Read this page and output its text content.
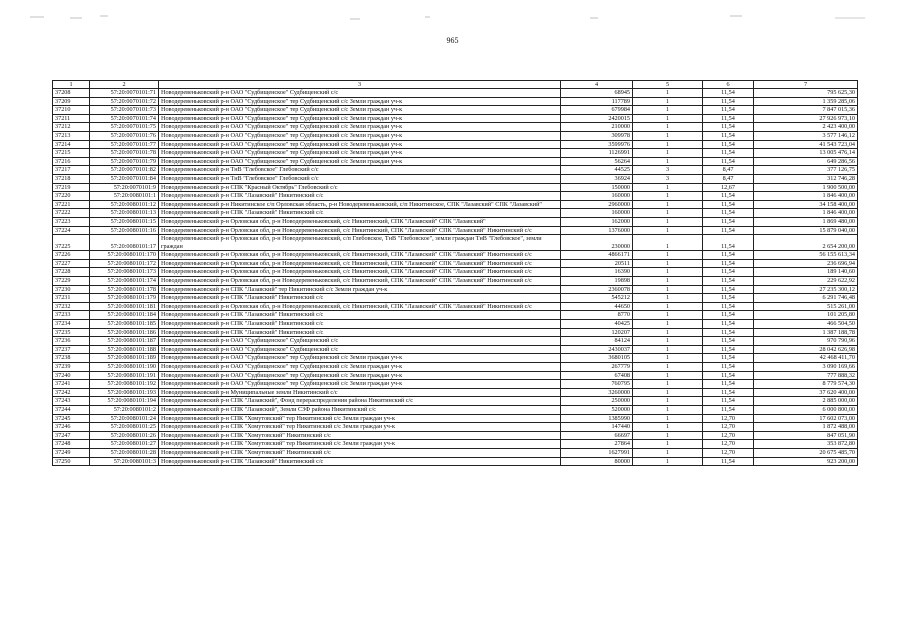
965
1	2	3	4	5	6	7
37208	57:20:0070101:71	Новодеревеньковский р-н ОАО "Судбищенское" Судбищенский с/с	68945	1	11,54	795 625,30
37209	57:20:0070101:72	Новодеревеньковский р-н ОАО "Судбищенское" тер Судбищенский с/с Земли граждан уч-к	117789	1	11,54	1 359 285,06
37210	57:20:0070101:73	Новодеревеньковский р-н ОАО "Судбищенское" тер Судбищенский с/с Земли граждан уч-к	679984	1	11,54	7 847 015,36
37211	57:20:0070101:74	Новодеревеньковский р-н ОАО "Судбищенское" тер Судбищенский с/с Земли граждан уч-к	2420015	1	11,54	27 926 973,10
37212	57:20:0070101:75	Новодеревеньковский р-н ОАО "Судбищенское" тер Судбищенский с/с Земли граждан уч-к	210000	1	11,54	2 423 400,00
37213	57:20:0070101:76	Новодеревеньковский р-н ОАО "Судбищенское" тер Судбищенский с/с Земли граждан уч-к	309978	1	11,54	3 577 146,12
37214	57:20:0070101:77	Новодеревеньковский р-н ОАО "Судбищенское" тер Судбищенский с/с Земли граждан уч-к	3599976	1	11,54	41 543 723,04
37215	57:20:0070101:78	Новодеревеньковский р-н ОАО "Судбищенское" тер Судбищенский с/с Земли граждан уч-к	1126991	1	11,54	13 005 476,14
37216	57:20:0070101:79	Новодеревеньковский р-н ОАО "Судбищенское" тер Судбищенский с/с Земли граждан уч-к	56264	1	11,54	649 286,56
37217	57:20:0070101:82	Новодеревеньковский р-н ТнВ "Глебовское" Глебовский с/с	44525	3	8,47	377 126,75
37218	57:20:0070101:84	Новодеревеньковский р-н ТнВ "Глебовское" Глебовский с/с	36924	3	8,47	312 746,28
37219	57:20:0070101:9	Новодеревеньковский р-н СПК "Красный Октябрь" Глебовский с/с	150000	1	12,67	1 900 500,00
37220	57:20:0080101:1	Новодеревеньковский р-н СПК "Лазавский" Никитинский с/с	160000	1	11,54	1 846 400,00
37221	57:20:0080101:12	Новодеревеньковский р-н Никитинское с/п Орловская область, р-н Новодеревеньковский, с/п Никитинское, СПК "Лазавский" СПК "Лазавский"	2960000	1	11,54	34 158 400,00
37222	57:20:0080101:13	Новодеревеньковский р-н СПК "Лазавский" Никитинский с/с	160000	1	11,54	1 846 400,00
37223	57:20:0080101:15	Новодеревеньковский р-н Орловская обл, р-н Новодеревеньковский, с/с Никитинский, СПК "Лазавский" СПК "Лазавский"	162000	1	11,54	1 869 480,00
37224	57:20:0080101:16	Новодеревеньковский р-н Орловская обл, р-н Новодеревеньковский, с/с Никитинский, СПК "Лазавский" СПК "Лазавский" Никитинский с/с	1376000	1	11,54	15 879 040,00
37225	57:20:0080101:17	Новодеревеньковский р-н Орловская обл, р-н Новодеревеньковский, с/п Глебовское, ТнВ "Глебовское", земли граждан ТнВ "Глебовское", земли граждан	230000	1	11,54	2 654 200,00
37226	57:20:0080101:170	Новодеревеньковский р-н Орловская обл, р-н Новодеревеньковский, с/с Никитинский, СПК "Лазавский" СПК "Лазавский" Никитинский с/с	4866171	1	11,54	56 155 613,34
37227	57:20:0080101:172	Новодеревеньковский р-н Орловская обл, р-н Новодеревеньковский, с/с Никитинский, СПК "Лазавский" СПК "Лазавский" Никитинский с/с	20511	1	11,54	236 696,94
37228	57:20:0080101:173	Новодеревеньковский р-н Орловская обл, р-н Новодеревеньковский, с/с Никитинский, СПК "Лазавский" СПК "Лазавский" Никитинский с/с	16390	1	11,54	189 140,60
37229	57:20:0080101:174	Новодеревеньковский р-н Орловская обл, р-н Новодеревеньковский, с/с Никитинский, СПК "Лазавский" СПК "Лазавский" Никитинский с/с	19898	1	11,54	229 622,92
37230	57:20:0080101:178	Новодеревеньковский р-н СПК "Лазавский" тер Никитинский с/с Земли граждан уч-к	2360078	1	11,54	27 235 300,12
37231	57:20:0080101:179	Новодеревеньковский р-н СПК "Лазавский" Никитинский с/с	545212	1	11,54	6 291 746,48
37232	57:20:0080101:181	Новодеревеньковский р-н Орловская обл, р-н Новодеревеньковский, с/с Никитинский, СПК "Лазавский" СПК "Лазавский" Никитинский с/с	44650	1	11,54	515 261,00
37233	57:20:0080101:184	Новодеревеньковский р-н СПК "Лазавский" Никитинский с/с	8770	1	11,54	101 205,80
37234	57:20:0080101:185	Новодеревеньковский р-н СПК "Лазавский" Никитинский с/с	40425	1	11,54	466 504,50
37235	57:20:0080101:186	Новодеревеньковский р-н СПК "Лазавский" Никитинский с/с	120207	1	11,54	1 387 188,78
37236	57:20:0080101:187	Новодеревеньковский р-н ОАО "Судбищенское" Судбищенский с/с	84124	1	11,54	970 790,96
37237	57:20:0080101:188	Новодеревеньковский р-н ОАО "Судбищенское" Судбищенский с/с	2430037	1	11,54	28 042 626,98
37238	57:20:0080101:189	Новодеревеньковский р-н ОАО "Судбищенское" тер Судбищенский с/с Земли граждан уч-к	3680105	1	11,54	42 468 411,70
37239	57:20:0080101:190	Новодеревеньковский р-н ОАО "Судбищенское" тер Судбищенский с/с Земли граждан уч-к	267779	1	11,54	3 090 169,66
37240	57:20:0080101:191	Новодеревеньковский р-н ОАО "Судбищенское" тер Судбищенский с/с Земли граждан уч-к	67408	1	11,54	777 888,32
37241	57:20:0080101:192	Новодеревеньковский р-н ОАО "Судбищенское" тер Судбищенский с/с Земли граждан уч-к	760795	1	11,54	8 779 574,30
37242	57:20:0080101:193	Новодеревеньковский р-н Муниципальные земли Никитинский с/с	3260000	1	11,54	37 620 400,00
37243	57:20:0080101:194	Новодеревеньковский р-н СПК "Лазавский", Фонд перераспределения района Никитинский с/с	250000	1	11,54	2 885 000,00
37244	57:20:0080101:2	Новодеревеньковский р-н СПК "Лазавский", Земли СЗФ района Никитинский с/с	520000	1	11,54	6 000 800,00
37245	57:20:0080101:24	Новодеревеньковский р-н СПК "Хомутовский" тер Никитинский с/с Земли граждан уч-к	1385990	1	12,70	17 602 073,00
37246	57:20:0080101:25	Новодеревеньковский р-н СПК "Хомутовский" тер Никитинский с/с Земли граждан уч-к	147440	1	12,70	1 872 488,00
37247	57:20:0080101:26	Новодеревеньковский р-н СПК "Хомутовский" Никитинский с/с	66697	1	12,70	847 051,90
37248	57:20:0080101:27	Новодеревеньковский р-н СПК "Хомутовский" тер Никитинский с/с Земли граждан уч-к	27864	1	12,70	353 872,80
37249	57:20:0080101:28	Новодеревеньковский р-н СПК "Хомутовский" Никитинский с/с	1627991	1	12,70	20 675 485,70
37250	57:20:0080101:3	Новодеревеньковский р-н СПК "Лазавский" Никитинский с/с	80000	1	11,54	923 200,00
